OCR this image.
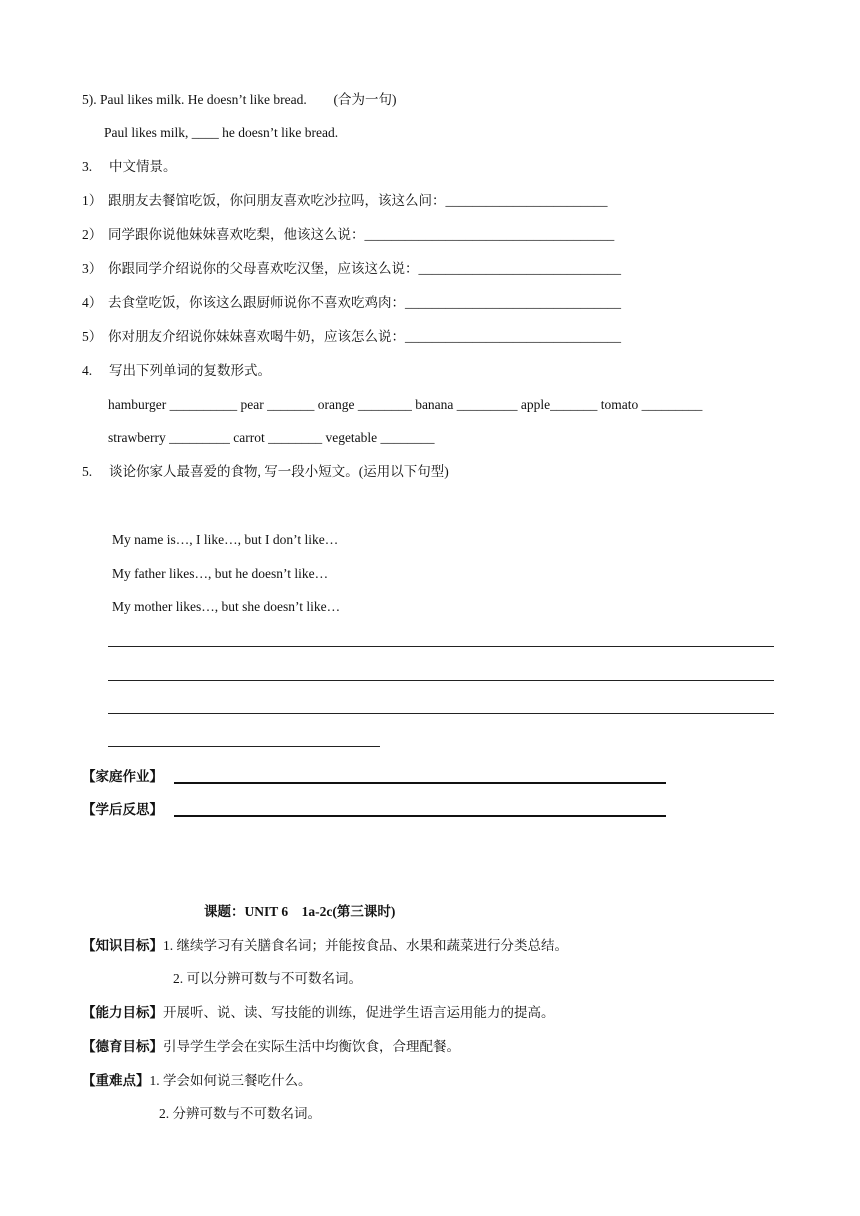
5). Paul likes milk. He doesn’t like bread. (合为一句)
Paul likes milk, ____ he doesn’t like bread.
3. 中文情景。
1） 跟朋友去餐馆吃饭，你问朋友喜欢吃沙拉吗，该这么问：________________________
2） 同学跟你说他妹妹喜欢吃梨，他该这么说：_____________________________________
3） 你跟同学介绍说你的父母喜欢吃汉堡，应该这么说：______________________________
4） 去食堂吃饭，你该这么跟厨师说你不喜欢吃鸡肉：________________________________
5） 你对朋友介绍说你妹妹喜欢喝牛奶，应该怎么说：________________________________
4. 写出下列单词的复数形式。
hamburger __________ pear _______ orange ________ banana _________ apple_______ tomato _________
strawberry _________ carrot ________ vegetable ________
5. 谈论你家人最喜爱的食物, 写一段小短文。(运用以下句型)
My name is…, I like…, but I don’t like…
My father likes…, but he doesn’t like…
My mother likes…, but she doesn’t like…
【家庭作业】
【学后反思】
课题：UNIT 6　1a-2c(第三课时)
【知识目标】1. 继续学习有关膳食名词；并能按食品、水果和蔬菜进行分类总结。
2. 可以分辨可数与不可数名词。
【能力目标】开展听、说、读、写技能的训练，促进学生语言运用能力的提高。
【德育目标】引导学生学会在实际生活中均衡饮食，合理配餐。
【重难点】1. 学会如何说三餐吃什么。
2. 分辨可数与不可数名词。
